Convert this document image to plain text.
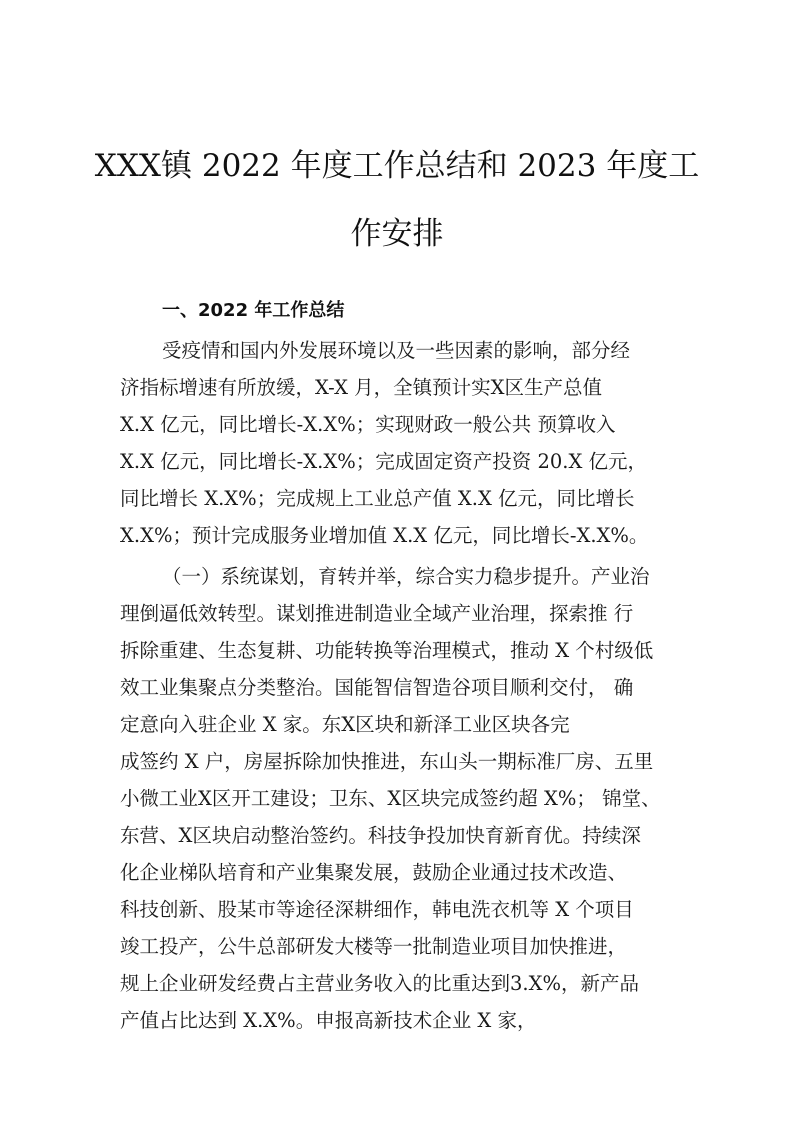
XXX镇 2022 年度工作总结和 2023 年度工
作安排
一、2022 年工作总结
受疫情和国内外发展环境以及一些因素的影响，部分经
济指标增速有所放缓，X-X 月，全镇预计实X区生产总值
X.X 亿元，同比增长-X.X%；实现财政一般公共 预算收入
X.X 亿元，同比增长-X.X%；完成固定资产投资 20.X 亿元，
同比增长 X.X%；完成规上工业总产值 X.X 亿元，同比增长
X.X%；预计完成服务业增加值 X.X 亿元，同比增长-X.X%。
（一）系统谋划，育转并举，综合实力稳步提升。产业治
理倒逼低效转型。谋划推进制造业全域产业治理，探索推 行
拆除重建、生态复耕、功能转换等治理模式，推动 X 个村级低
效工业集聚点分类整治。国能智信智造谷项目顺利交付， 确
定意向入驻企业 X 家。东X区块和新泽工业区块各完
成签约 X 户，房屋拆除加快推进，东山头一期标准厂房、五里
小微工业X区开工建设；卫东、X区块完成签约超 X%； 锦堂、
东营、X区块启动整治签约。科技争投加快育新育优。持续深
化企业梯队培育和产业集聚发展，鼓励企业通过技术改造、
科技创新、股某市等途径深耕细作，韩电洗衣机等 X 个项目
竣工投产，公牛总部研发大楼等一批制造业项目加快推进，
规上企业研发经费占主营业务收入的比重达到3.X%，新产品
产值占比达到 X.X%。申报高新技术企业 X 家，
